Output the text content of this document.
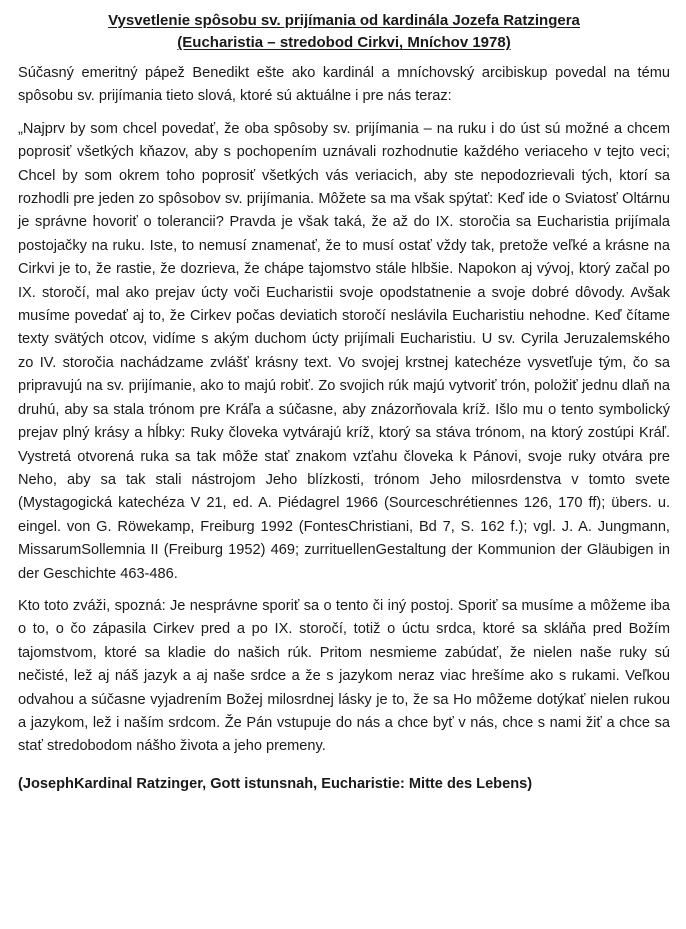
Vysvetlenie spôsobu sv. prijímania od kardinála Jozefa Ratzingera
(Eucharistia – stredobod Cirkvi, Mníchov 1978)

Súčasný emeritný pápež Benedikt ešte ako kardinál a mníchovský arcibiskup povedal na tému spôsobu sv. prijímania tieto slová, ktoré sú aktuálne i pre nás teraz:

„Najprv by som chcel povedať, že oba spôsoby sv. prijímania – na ruku i do úst sú možné a chcem poprosiť všetkých kňazov, aby s pochopením uznávali rozhodnutie každého veriaceho v tejto veci; Chcel by som okrem toho poprosiť všetkých vás veriacich, aby ste nepodozrievali tých, ktorí sa rozhodli pre jeden zo spôsobov sv. prijímania. Môžete sa ma však spýtať: Keď ide o Sviatosť Oltárnu je správne hovoriť o tolerancii? Pravda je však taká, že až do IX. storočia sa Eucharistia prijímala postojačky na ruku. Iste, to nemusí znamenať, že to musí ostať vždy tak, pretože veľké a krásne na Cirkvi je to, že rastie, že dozrieva, že chápe tajomstvo stále hlbšie. Napokon aj vývoj, ktorý začal po IX. storočí, mal ako prejav úcty voči Eucharistii svoje opodstatnenie a svoje dobré dôvody. Avšak musíme povedať aj to, že Cirkev počas deviatich storočí neslávila Eucharistiu nehodne. Keď čítame texty svätých otcov, vidíme s akým duchom úcty prijímali Eucharistiu. U sv. Cyrila Jeruzalemského zo IV. storočia nachádzame zvlášť krásny text. Vo svojej krstnej katechéze vysvetľuje tým, čo sa pripravujú na sv. prijímanie, ako to majú robiť. Zo svojich rúk majú vytvoriť trón, položiť jednu dlaň na druhú, aby sa stala trónom pre Kráľa a súčasne, aby znázorňovala kríž. Išlo mu o tento symbolický prejav plný krásy a hĺbky: Ruky človeka vytvárajú kríž, ktorý sa stáva trónom, na ktorý zostúpi Kráľ. Vystretá otvorená ruka sa tak môže stať znakom vzťahu človeka k Pánovi, svoje ruky otvára pre Neho, aby sa tak stali nástrojom Jeho blízkosti, trónom Jeho milosrdenstva v tomto svete (Mystagogická katechéza V 21, ed. A. Piédagrel 1966 (Sourceschrétiennes 126, 170 ff); übers. u. eingel. von G. Röwekamp, Freiburg 1992 (FontesChristiani, Bd 7, S. 162 f.); vgl. J. A. Jungmann, MissarumSollemnia II (Freiburg 1952) 469; zurrituellenGestaltung der Kommunion der Gläubigen in der Geschichte 463-486.

Kto toto zváži, spozná: Je nesprávne sporiť sa o tento či iný postoj. Sporiť sa musíme a môžeme iba o to, o čo zápasila Cirkev pred a po IX. storočí, totiž o úctu srdca, ktoré sa skláňa pred Božím tajomstvom, ktoré sa kladie do našich rúk. Pritom nesmieme zabúdať, že nielen naše ruky sú nečisté, lež aj náš jazyk a aj naše srdce a že s jazykom neraz viac hrešíme ako s rukami. Veľkou odvahou a súčasne vyjadrením Božej milosrdnej lásky je to, že sa Ho môžeme dotýkať nielen rukou a jazykom, lež i naším srdcom. Že Pán vstupuje do nás a chce byť v nás, chce s nami žiť a chce sa stať stredobodom nášho života a jeho premeny.

(JosephKardinal Ratzinger, Gott istunsnah, Eucharistie: Mitte des Lebens)
